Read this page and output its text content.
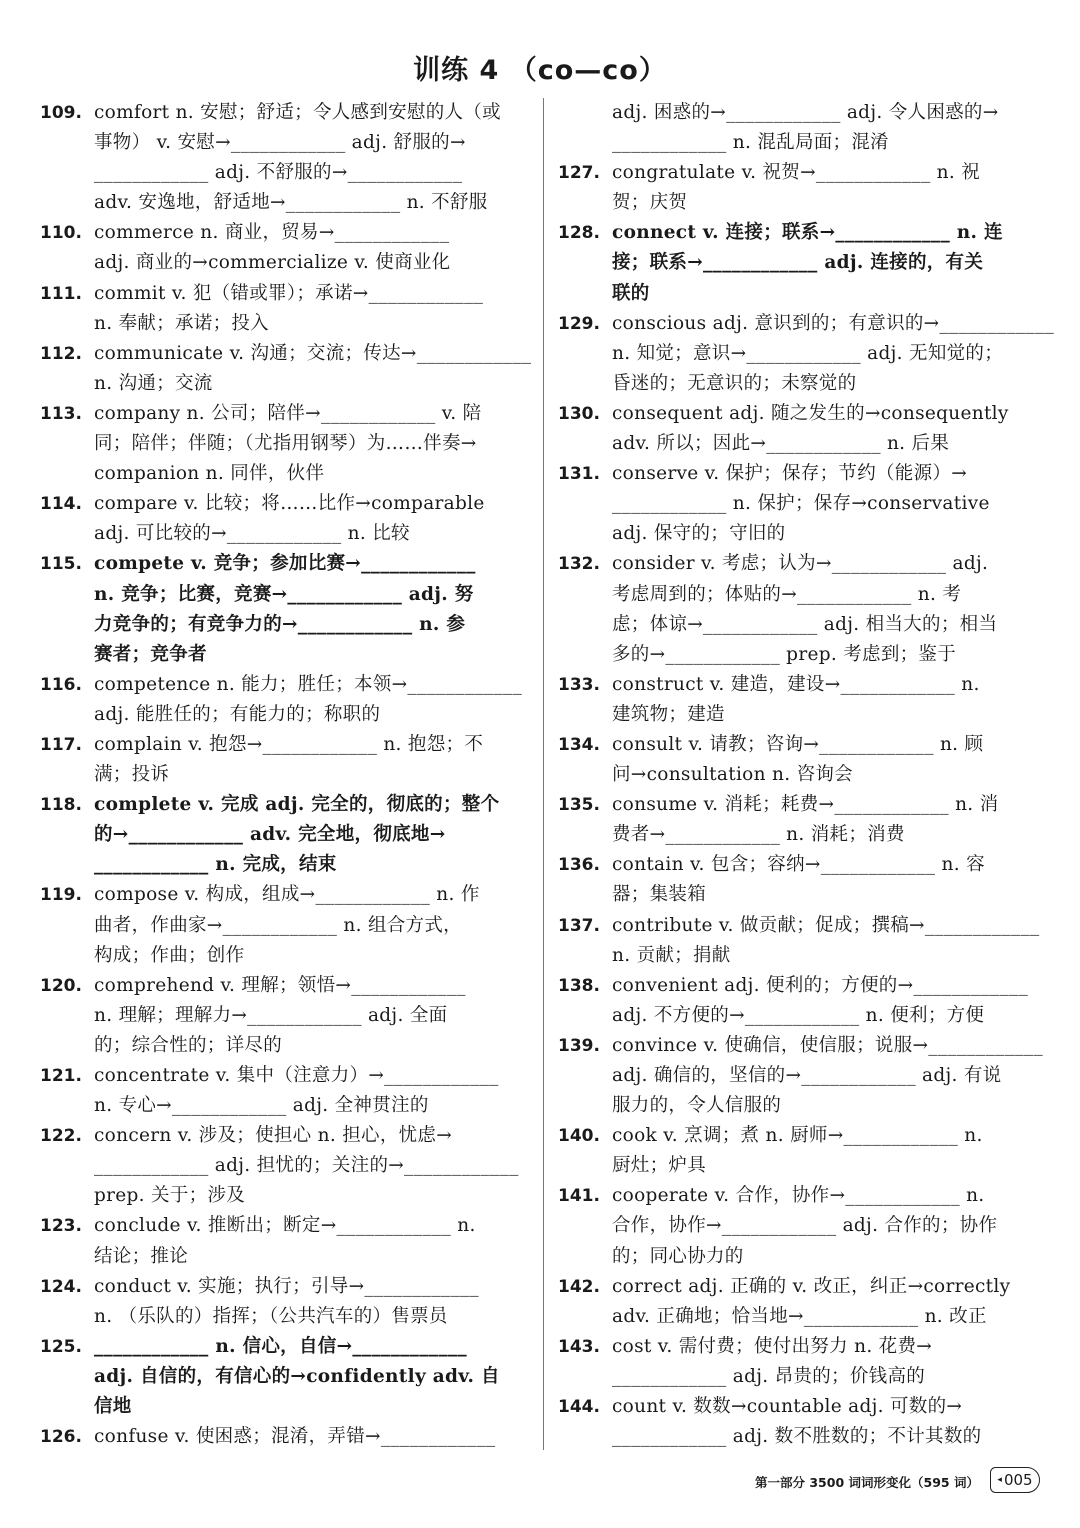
训练 4 （co—co）
109. comfort n. 安慰；舒适；令人感到安慰的人（或
事物） v. 安慰→____________ adj. 舒服的→
____________ adj. 不舒服的→____________
adv. 安逸地，舒适地→____________ n. 不舒服
110. commerce n. 商业，贸易→____________
adj. 商业的→commercialize v. 使商业化
111. commit v. 犯（错或罪）；承诺→____________
n. 奉献；承诺；投入
112. communicate v. 沟通；交流；传达→____________
n. 沟通；交流
113. company n. 公司；陪伴→____________ v. 陪
同；陪伴；伴随；（尤指用钢琴）为……伴奏→
companion n. 同伴，伙伴
114. compare v. 比较；将……比作→comparable
adj. 可比较的→____________ n. 比较
115. compete v. 竞争；参加比赛→____________
n. 竞争；比赛，竞赛→____________ adj. 努
力竞争的；有竞争力的→____________ n. 参
赛者；竞争者
116. competence n. 能力；胜任；本领→____________
adj. 能胜任的；有能力的；称职的
117. complain v. 抱怨→____________ n. 抱怨；不
满；投诉
118. complete v. 完成 adj. 完全的，彻底的；整个
的→____________ adv. 完全地，彻底地→
____________ n. 完成，结束
119. compose v. 构成，组成→____________ n. 作
曲者，作曲家→____________ n. 组合方式，
构成；作曲；创作
120. comprehend v. 理解；领悟→____________
n. 理解；理解力→____________ adj. 全面
的；综合性的；详尽的
121. concentrate v. 集中（注意力）→____________
n. 专心→____________ adj. 全神贯注的
122. concern v. 涉及；使担心 n. 担心，忧虑→
____________ adj. 担忧的；关注的→____________
prep. 关于；涉及
123. conclude v. 推断出；断定→____________ n.
结论；推论
124. conduct v. 实施；执行；引导→____________
n. （乐队的）指挥；（公共汽车的）售票员
125. ____________ n. 信心，自信→____________
adj. 自信的，有信心的→confidently adv. 自
信地
126. confuse v. 使困惑；混淆，弄错→____________
adj. 困惑的→____________ adj. 令人困惑的→
____________ n. 混乱局面；混淆
127. congratulate v. 祝贺→____________ n. 祝
贺；庆贺
128. connect v. 连接；联系→____________ n. 连
接；联系→____________ adj. 连接的，有关
联的
129. conscious adj. 意识到的；有意识的→____________
n. 知觉；意识→____________ adj. 无知觉的；
昏迷的；无意识的；未察觉的
130. consequent adj. 随之发生的→consequently
adv. 所以；因此→____________ n. 后果
131. conserve v. 保护；保存；节约（能源）→
____________ n. 保护；保存→conservative
adj. 保守的；守旧的
132. consider v. 考虑；认为→____________ adj.
考虑周到的；体贴的→____________ n. 考
虑；体谅→____________ adj. 相当大的；相当
多的→____________ prep. 考虑到；鉴于
133. construct v. 建造，建设→____________ n.
建筑物；建造
134. consult v. 请教；咨询→____________ n. 顾
问→consultation n. 咨询会
135. consume v. 消耗；耗费→____________ n. 消
费者→____________ n. 消耗；消费
136. contain v. 包含；容纳→____________ n. 容
器；集装箱
137. contribute v. 做贡献；促成；撰稿→____________
n. 贡献；捐献
138. convenient adj. 便利的；方便的→____________
adj. 不方便的→____________ n. 便利；方便
139. convince v. 使确信，使信服；说服→____________
adj. 确信的，坚信的→____________ adj. 有说
服力的，令人信服的
140. cook v. 烹调；煮 n. 厨师→____________ n.
厨灶；炉具
141. cooperate v. 合作，协作→____________ n.
合作，协作→____________ adj. 合作的；协作
的；同心协力的
142. correct adj. 正确的 v. 改正，纠正→correctly
adv. 正确地；恰当地→____________ n. 改正
143. cost v. 需付费；使付出努力 n. 花费→
____________ adj. 昂贵的；价钱高的
144. count v. 数数→countable adj. 可数的→
____________ adj. 数不胜数的；不计其数的
第一部分 3500 词词形变化（595 词） ◂ 005
